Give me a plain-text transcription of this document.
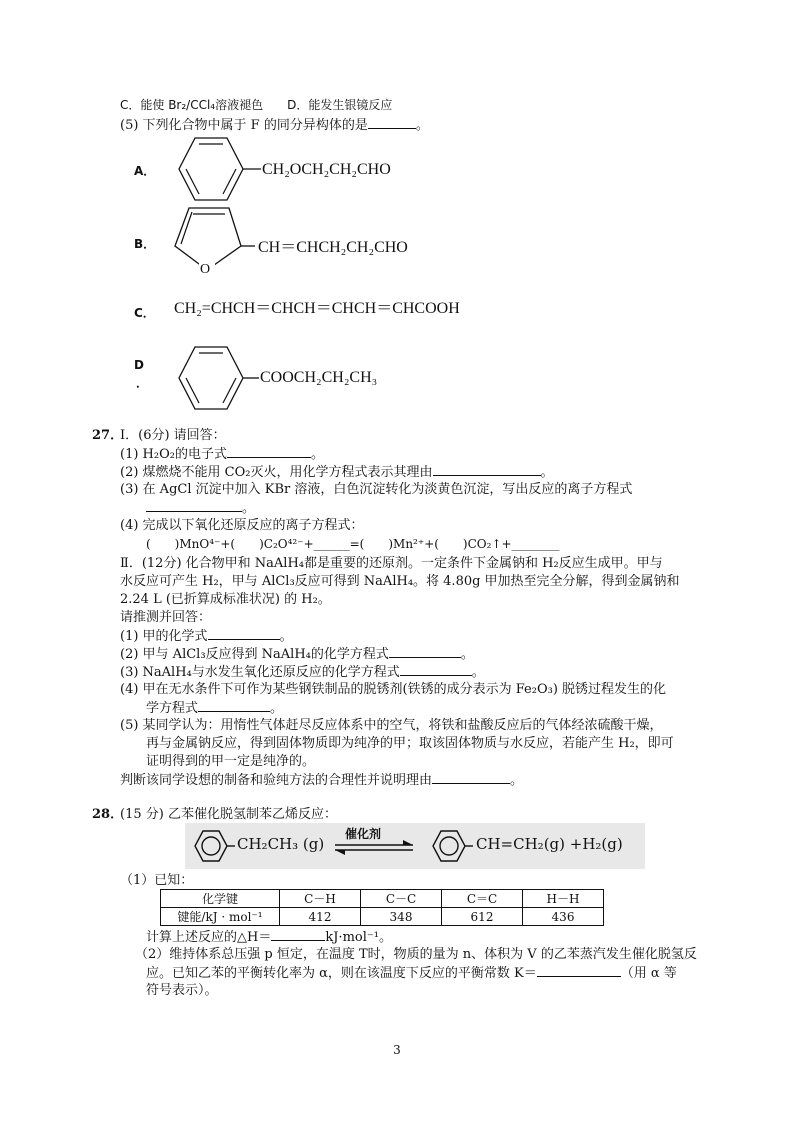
C．能使 Br₂/CCl₄溶液褪色　　D．能发生银镜反应
(5) 下列化合物中属于 F 的同分异构体的是	。
A．	CH₂OCH₂CH₂CHO
B．
O
CH＝CHCH₂CH₂CHO
C． CH₂=CHCH＝CHCH＝CHCH＝CHCOOH
D
．	COOCH₂CH₂CH₃
27．
Ⅰ．(6分) 请回答：
(1) H₂O₂的电子式	。
(2) 煤燃烧不能用 CO₂灭火，用化学方程式表示其理由	。
(3) 在 AgCl 沉淀中加入 KBr 溶液，白色沉淀转化为淡黄色沉淀，写出反应的离子方程式
。
(4) 完成以下氧化还原反应的离子方程式：
(　　)MnO⁴⁻+(　　)C₂O⁴²⁻+______=(　　)Mn²⁺+(　　)CO₂↑+________
Ⅱ．(12分) 化合物甲和 NaAlH₄都是重要的还原剂。一定条件下金属钠和 H₂反应生成甲。甲与
水反应可产生 H₂，甲与 AlCl₃反应可得到 NaAlH₄。将 4.80g 甲加热至完全分解，得到金属钠和
2.24 L (已折算成标准状况) 的 H₂。
请推测并回答：
(1) 甲的化学式	。
(2) 甲与 AlCl₃反应得到 NaAlH₄的化学方程式	。
(3) NaAlH₄与水发生氧化还原反应的化学方程式	。
(4) 甲在无水条件下可作为某些钢铁制品的脱锈剂(铁锈的成分表示为 Fe₂O₃) 脱锈过程发生的化
学方程式	。
(5) 某同学认为：用惰性气体赶尽反应体系中的空气，将铁和盐酸反应后的气体经浓硫酸干燥，
再与金属钠反应，得到固体物质即为纯净的甲；取该固体物质与水反应，若能产生 H₂，即可
证明得到的甲一定是纯净的。
判断该同学设想的制备和验纯方法的合理性并说明理由	。
28．
(15 分) 乙苯催化脱氢制苯乙烯反应：
CH₂CH₃ (g)
催化剂
CH=CH₂(g) +H₂(g)
（1）已知：
化学键	C－H	C－C	C＝C	H－H
键能/kJ · mol⁻¹	412	348	612	436
计算上述反应的△H＝	kJ·mol⁻¹。
（2）维持体系总压强 p 恒定，在温度 T时，物质的量为 n、体积为 V 的乙苯蒸汽发生催化脱氢反
应。已知乙苯的平衡转化率为 α，则在该温度下反应的平衡常数 K＝	（用 α 等
符号表示）。
3
